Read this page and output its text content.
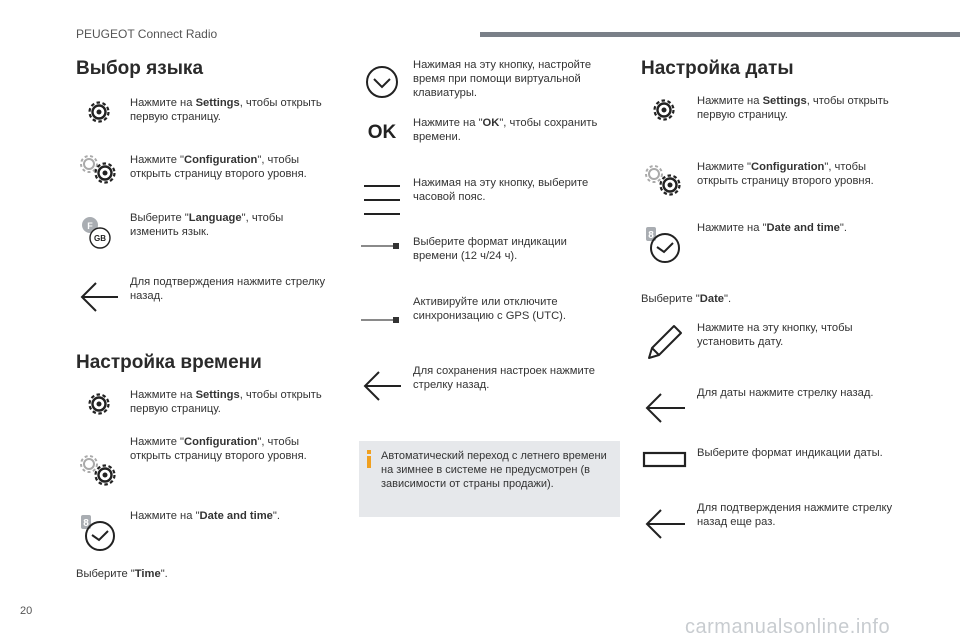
PEUGEOT Connect Radio
Выбор языка
Нажмите на Settings, чтобы открыть первую страницу.
Нажмите "Configuration", чтобы открыть страницу второго уровня.
F
GB
Выберите "Language", чтобы изменить язык.
Для подтверждения нажмите стрелку назад.
Настройка времени
Нажмите на Settings, чтобы открыть первую страницу.
Нажмите "Configuration", чтобы открыть страницу второго уровня.
8
Нажмите на "Date and time".
Выберите "Time".
Нажимая на эту кнопку, настройте время при помощи виртуальной клавиатуры.
OK Нажмите на "OK", чтобы сохранить времени.
Нажимая на эту кнопку, выберите часовой пояс.
Выберите формат индикации времени (12 ч/24 ч).
Активируйте или отключите синхронизацию с GPS (UTC).
Для сохранения настроек нажмите стрелку назад.
Автоматический переход с летнего времени на зимнее в системе не предусмотрен (в зависимости от страны продажи).
Настройка даты
Нажмите на Settings, чтобы открыть первую страницу.
Нажмите "Configuration", чтобы открыть страницу второго уровня.
8
Нажмите на "Date and time".
Выберите "Date".
Нажмите на эту кнопку, чтобы установить дату.
Для даты нажмите стрелку назад.
Выберите формат индикации даты.
Для подтверждения нажмите стрелку назад еще раз.
20
carmanualsonline.info
